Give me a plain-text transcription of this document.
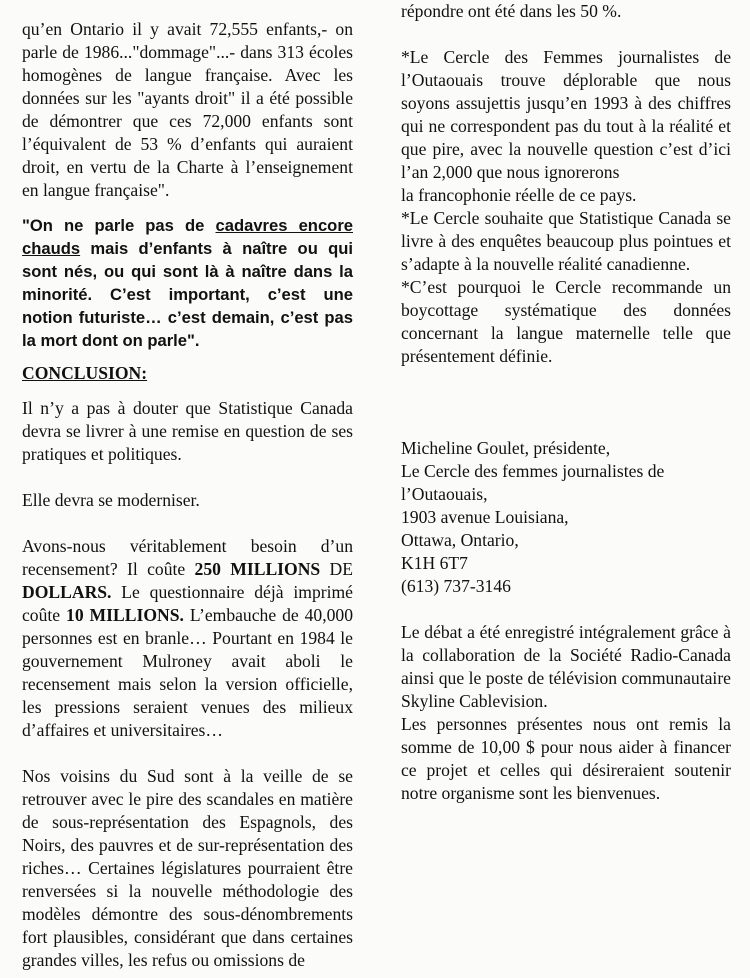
qu’en Ontario il y avait 72,555 enfants,- on parle de 1986..."dommage"...- dans 313 écoles homogènes de langue française. Avec les données sur les "ayants droit" il a été possible de démontrer que ces 72,000 enfants sont l’équivalent de 53 % d’enfants qui auraient droit, en vertu de la Charte à l’enseignement en langue française".

"On ne parle pas de cadavres encore chauds mais d’enfants à naître ou qui sont nés, ou qui sont là à naître dans la minorité. C’est important, c’est une notion futuriste… c’est demain, c’est pas la mort dont on parle".

CONCLUSION:

Il n’y a pas à douter que Statistique Canada devra se livrer à une remise en question de ses pratiques et politiques.

Elle devra se moderniser.

Avons-nous véritablement besoin d’un recensement? Il coûte 250 MILLIONS DE DOLLARS. Le questionnaire déjà imprimé coûte 10 MILLIONS. L’embauche de 40,000 personnes est en branle… Pourtant en 1984 le gouvernement Mulroney avait aboli le recensement mais selon la version officielle, les pressions seraient venues des milieux d’affaires et universitaires…

Nos voisins du Sud sont à la veille de se retrouver avec le pire des scandales en matière de sous-représentation des Espagnols, des Noirs, des pauvres et de sur-représentation des riches… Certaines législatures pourraient être renversées si la nouvelle méthodologie des modèles démontre des sous-dénombrements fort plausibles, considérant que dans certaines grandes villes, les refus ou omissions de

répondre ont été dans les 50 %.

*Le Cercle des Femmes journalistes de l’Outaouais trouve déplorable que nous soyons assujettis jusqu’en 1993 à des chiffres qui ne correspondent pas du tout à la réalité et que pire, avec la nouvelle question c’est d’ici l’an 2,000 que nous ignorerons

la francophonie réelle de ce pays.

*Le Cercle souhaite que Statistique Canada se livre à des enquêtes beaucoup plus pointues et s’adapte à la nouvelle réalité canadienne.

*C’est pourquoi le Cercle recommande un boycottage systématique des données concernant la langue maternelle telle que présentement définie.

Micheline Goulet, présidente,

Le Cercle des femmes journalistes de

l’Outaouais,

1903 avenue Louisiana,

Ottawa, Ontario,

K1H 6T7

(613) 737-3146

Le débat a été enregistré intégralement grâce à la collaboration de la Société Radio-Canada ainsi que le poste de télévision communautaire Skyline Cablevision.

Les personnes présentes nous ont remis la somme de 10,00 $ pour nous aider à financer ce projet et celles qui désireraient soutenir notre organisme sont les bienvenues.
